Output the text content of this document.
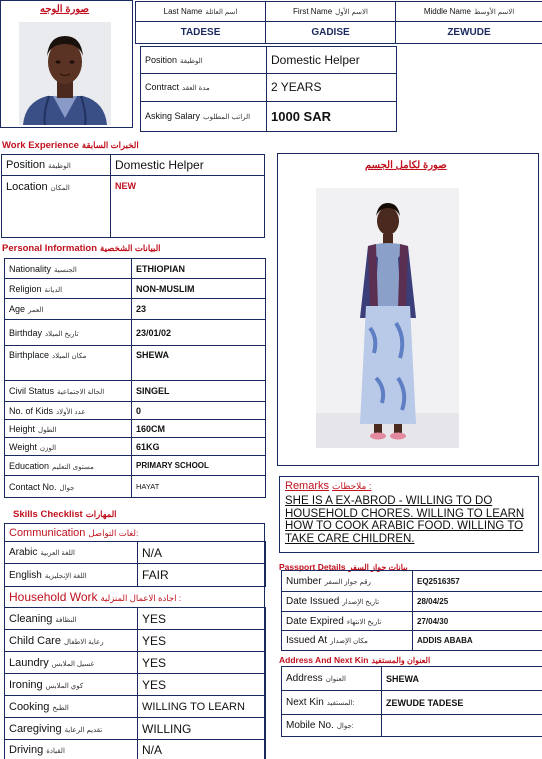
صورة الوجه	Last Name اسم العائلة	First Name الاسم الأول	Middle Name الاسم الأوسط
TADESE	GADISE	ZEWUDE
Position الوظيفة	Domestic Helper
Contract مدة العقد	2 YEARS
Asking Salary الراتب المطلوب	1000 SAR
Work Experience الخبرات السابقة
Position الوظيفة	Domestic Helper
Location المكان	NEW
صورة لكامل الجسم
Personal Information البيانات الشخصية
Nationality الجنسية	ETHIOPIAN
Religion الديانة	NON-MUSLIM
Age العمر	23
Birthday تاريخ الميلاد	23/01/02
Birthplace مكان الميلاد	SHEWA
Civil Status الحالة الاجتماعية	SINGEL
No. of Kids عدد الأولاد	0
Height الطول	160CM
Weight الوزن	61KG
Education مستوى التعليم	PRIMARY SCHOOL
Contact No. جوال	HAYAT
Skills Checklist المهارات
Communication لغات التواصل:
Arabic اللغة العربية	N/A
English اللغة الإنجليزية	FAIR
Household Work اجادة الاعمال المنزلية :
Cleaning النظافة	YES
Child Care رعاية الاطفال	YES
Laundry غسيل الملابس	YES
Ironing كوي الملابس	YES
Cooking الطبخ	WILLING TO LEARN
Caregiving تقديم الرعاية	WILLING
Driving القيادة	N/A
Remarks ملاحظات :
SHE IS A EX-ABROD - WILLING TO DO HOUSEHOLD CHORES. WILLING TO LEARN HOW TO COOK ARABIC FOOD. WILLING TO TAKE CARE CHILDREN.
Passport Details بيانات جواز السفر
Number رقم جواز السفر	EQ2516357
Date Issued تاريخ الإصدار	28/04/25
Date Expired تاريخ الانتهاء	27/04/30
Issued At مكان الإصدار	ADDIS ABABA
Address And Next Kin العنوان والمستفيد
Address العنوان	SHEWA
Next Kin المستفيد:	ZEWUDE TADESE
Mobile No. جوال:	
